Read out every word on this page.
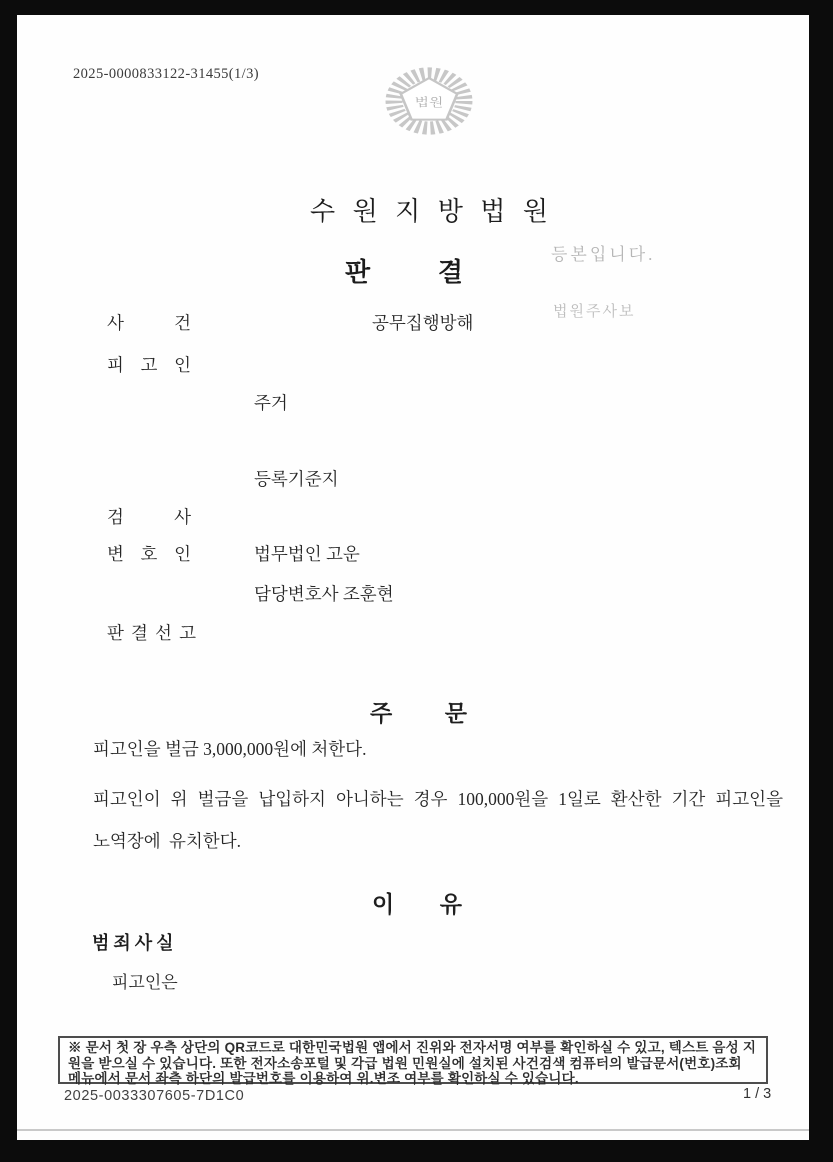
2025-0000833122-31455(1/3)
법원
수 원 지 방 법 원
판 결
등본입니다.
법원주사보
사 건	공무집행방해
피 고 인
주거
등록기준지
검 사
변 호 인	법무법인 고운
담당변호사 조훈현
판 결 선 고
주 문
피고인을 벌금 3,000,000원에 처한다.
피고인이 위 벌금을 납입하지 아니하는 경우 100,000원을 1일로 환산한 기간 피고인을 노역장에 유치한다.
이 유
범죄사실
피고인은
※ 문서 첫 장 우측 상단의 QR코드로 대한민국법원 앱에서 진위와 전자서명 여부를 확인하실 수 있고, 텍스트 음성 지원을 받으실 수 있습니다. 또한 전자소송포털 및 각급 법원 민원실에 설치된 사건검색 컴퓨터의 발급문서(번호)조회 메뉴에서 문서 좌측 하단의 발급번호를 이용하여 위.변조 여부를 확인하실 수 있습니다.
2025-0033307605-7D1C0	1 / 3
